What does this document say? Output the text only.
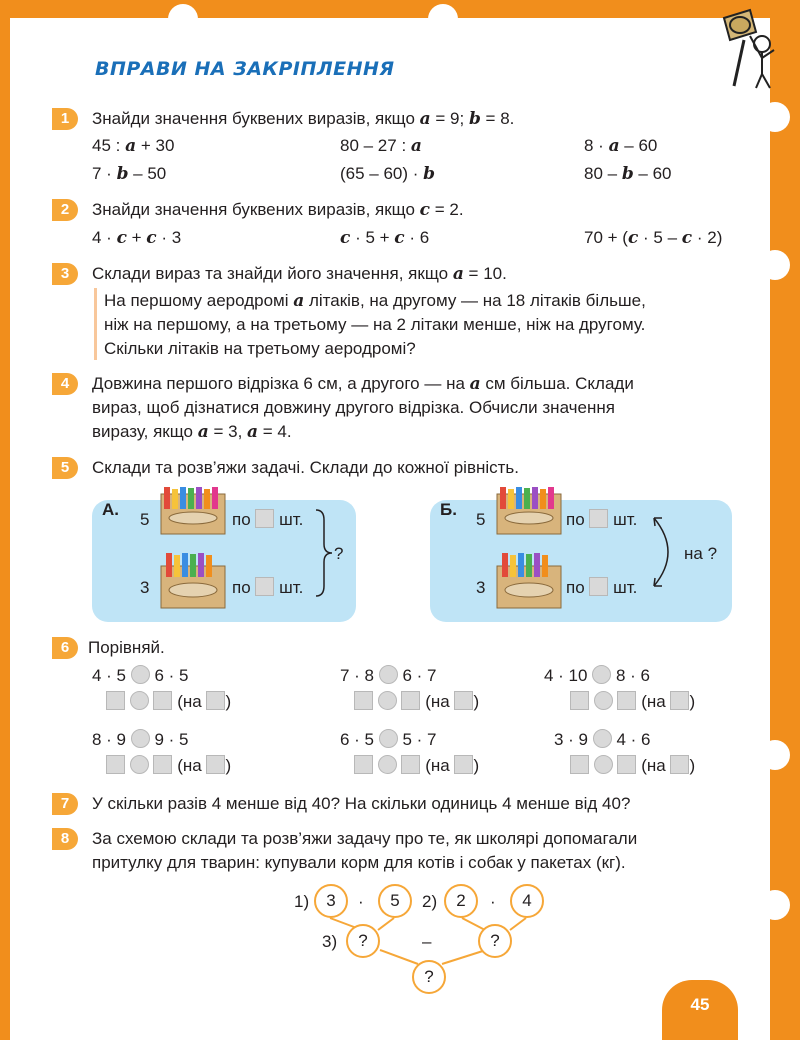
ВПРАВИ НА ЗАКРІПЛЕННЯ
1	Знайди значення буквених виразів, якщо a = 9; b = 8.
45 : a + 30	80 – 27 : a	8 · a – 60
7 · b – 50	(65 – 60) · b	80 – b – 60
2	Знайди значення буквених виразів, якщо c = 2.
4 · c + c · 3	c · 5 + c · 6	70 + (c · 5 – c · 2)
3	Склади вираз та знайди його значення, якщо a = 10.
На першому аеродромі a літаків, на другому — на 18 літаків більше,
ніж на першому, а на третьому — на 2 літаки менше, ніж на другому.
Скільки літаків на третьому аеродромі?
4	Довжина першого відрізка 6 см, а другого — на a см більша. Склади
вираз, щоб дізнатися довжину другого відрізка. Обчисли значення
виразу, якщо a = 3, a = 4.
5	Склади та розв’яжи задачі. Склади до кожної рівність.
А.
5
3
по шт.
по шт.
?
Б.
5
3
по шт.
по шт.
на ?
6	Порівняй.
4 · 5 6 · 5
(на )
7 · 8 6 · 7
(на )
4 · 10 8 · 6
(на )
8 · 9 9 · 5
(на )
6 · 5 5 · 7
(на )
3 · 9 4 · 6
(на )
7	У скільки разів 4 менше від 40? На скільки одиниць 4 менше від 40?
8	За схемою склади та розв’яжи задачу про те, як школярі допомагали
притулку для тварин: купували корм для котів і собак у пакетах (кг).
1)	3	·	5	2)	2	·	4
3)	?	–	?
?
45
